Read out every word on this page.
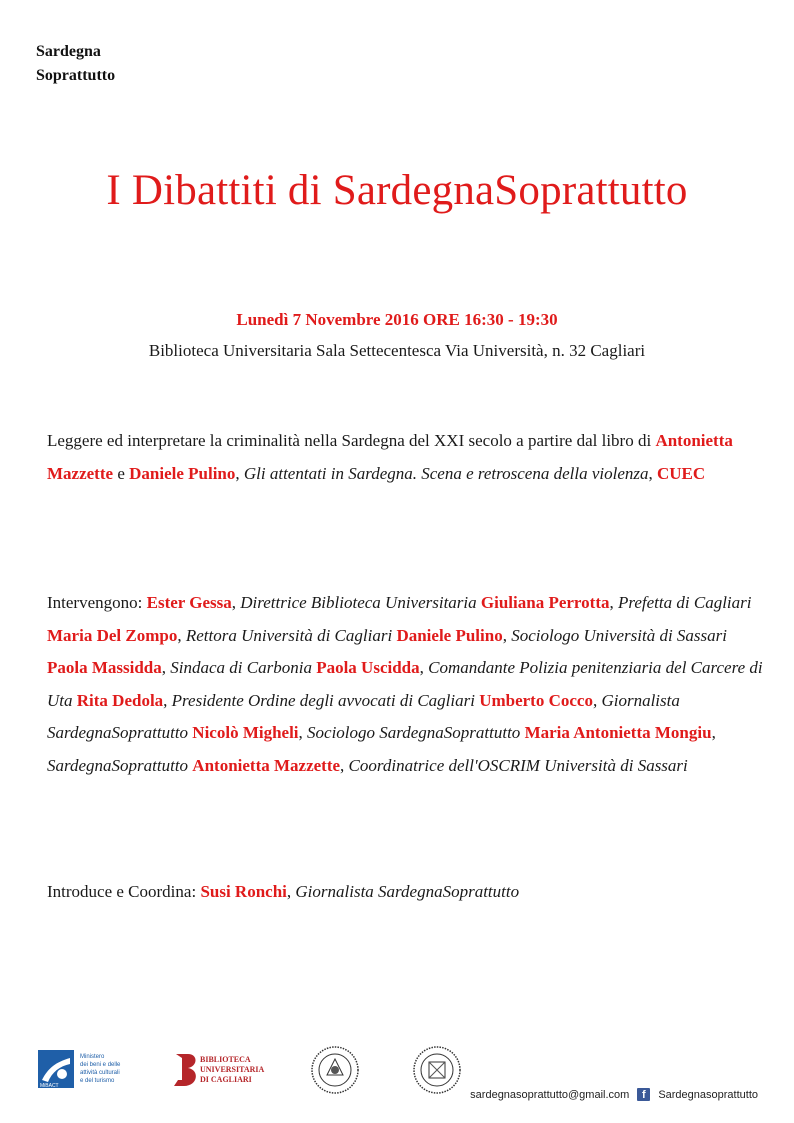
Sardegna
Soprattutto
I Dibattiti di SardegnaSoprattutto
Lunedì 7 Novembre 2016 ORE 16:30 - 19:30
Biblioteca Universitaria Sala Settecentesca Via Università, n. 32 Cagliari
Leggere ed interpretare la criminalità nella Sardegna del XXI secolo a partire dal libro di Antonietta Mazzette e Daniele Pulino, Gli attentati in Sardegna. Scena e retroscena della violenza, CUEC
Intervengono: Ester Gessa, Direttrice Biblioteca Universitaria Giuliana Perrotta, Prefetta di Cagliari Maria Del Zompo, Rettora Università di Cagliari Daniele Pulino, Sociologo Università di Sassari Paola Massidda, Sindaca di Carbonia Paola Uscidda, Comandante Polizia penitenziaria del Carcere di Uta Rita Dedola, Presidente Ordine degli avvocati di Cagliari Umberto Cocco, Giornalista SardegnaSoprattutto Nicolò Migheli, Sociologo SardegnaSoprattutto Maria Antonietta Mongiu, SardegnaSoprattutto Antonietta Mazzette, Coordinatrice dell'OSCRIM Università di Sassari
Introduce e Coordina: Susi Ronchi, Giornalista SardegnaSoprattutto
MiBACT
Ministero
dei beni e delle
attività culturali
e del turismo
BIBLIOTECA
UNIVERSITARIA
DI CAGLIARI
sardegnasoprattutto@gmail.com	f	Sardegnasoprattutto
